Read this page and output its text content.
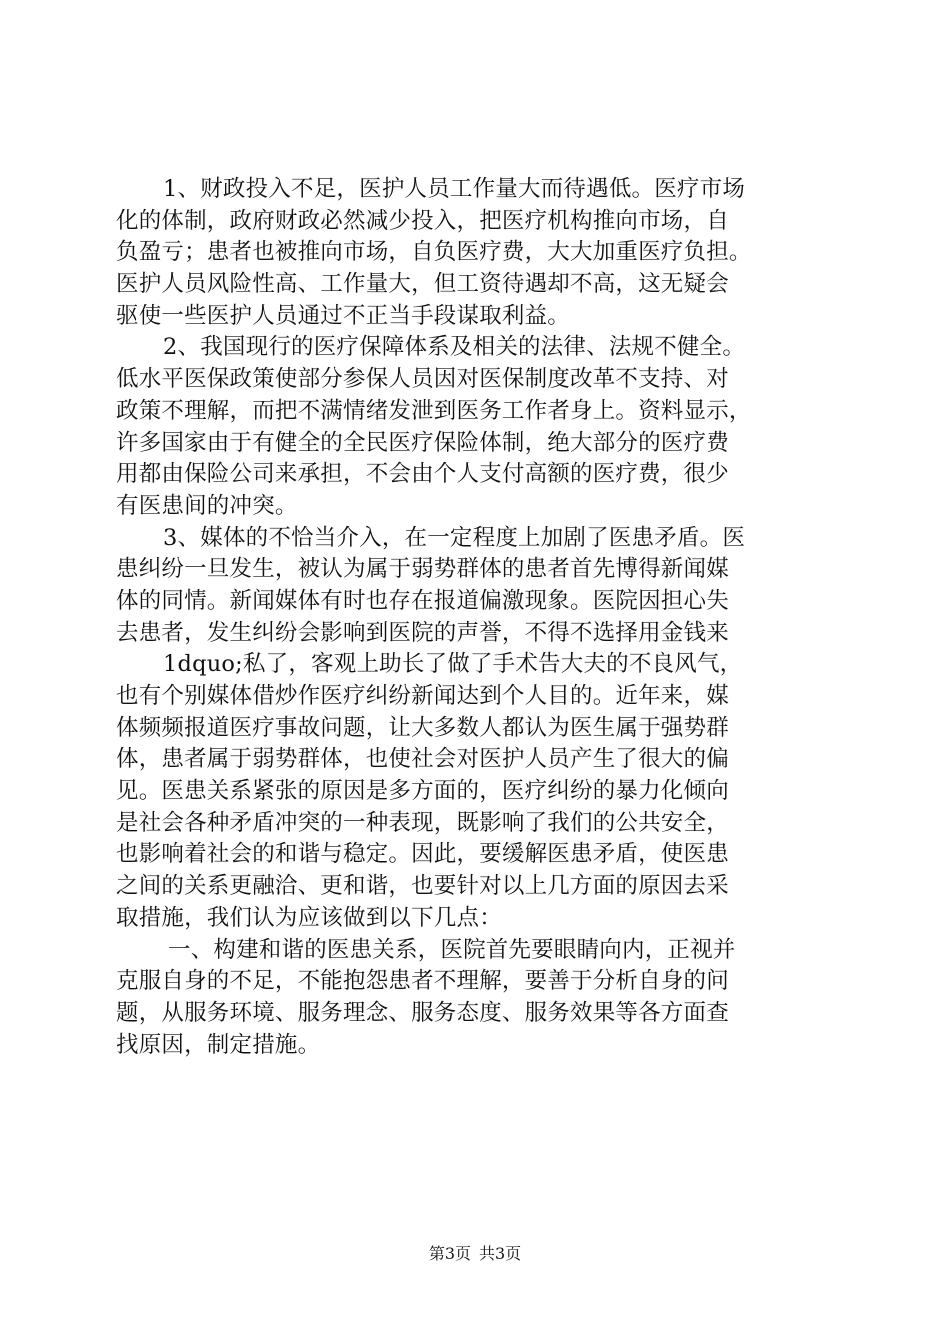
1、财政投入不足，医护人员工作量大而待遇低。医疗市场
化的体制，政府财政必然减少投入，把医疗机构推向市场，自
负盈亏；患者也被推向市场，自负医疗费，大大加重医疗负担。
医护人员风险性高、工作量大，但工资待遇却不高，这无疑会
驱使一些医护人员通过不正当手段谋取利益。
2、我国现行的医疗保障体系及相关的法律、法规不健全。
低水平医保政策使部分参保人员因对医保制度改革不支持、对
政策不理解，而把不满情绪发泄到医务工作者身上。资料显示，
许多国家由于有健全的全民医疗保险体制，绝大部分的医疗费
用都由保险公司来承担，不会由个人支付高额的医疗费，很少
有医患间的冲突。
3、媒体的不恰当介入，在一定程度上加剧了医患矛盾。医
患纠纷一旦发生，被认为属于弱势群体的患者首先博得新闻媒
体的同情。新闻媒体有时也存在报道偏激现象。医院因担心失
去患者，发生纠纷会影响到医院的声誉，不得不选择用金钱来
1dquo;私了，客观上助长了做了手术告大夫的不良风气，
也有个别媒体借炒作医疗纠纷新闻达到个人目的。近年来，媒
体频频报道医疗事故问题，让大多数人都认为医生属于强势群
体，患者属于弱势群体，也使社会对医护人员产生了很大的偏
见。医患关系紧张的原因是多方面的，医疗纠纷的暴力化倾向
是社会各种矛盾冲突的一种表现，既影响了我们的公共安全，
也影响着社会的和谐与稳定。因此，要缓解医患矛盾，使医患
之间的关系更融洽、更和谐，也要针对以上几方面的原因去采
取措施，我们认为应该做到以下几点：
一、构建和谐的医患关系，医院首先要眼睛向内，正视并
克服自身的不足，不能抱怨患者不理解，要善于分析自身的问
题，从服务环境、服务理念、服务态度、服务效果等各方面查
找原因，制定措施。
第3页 共3页
